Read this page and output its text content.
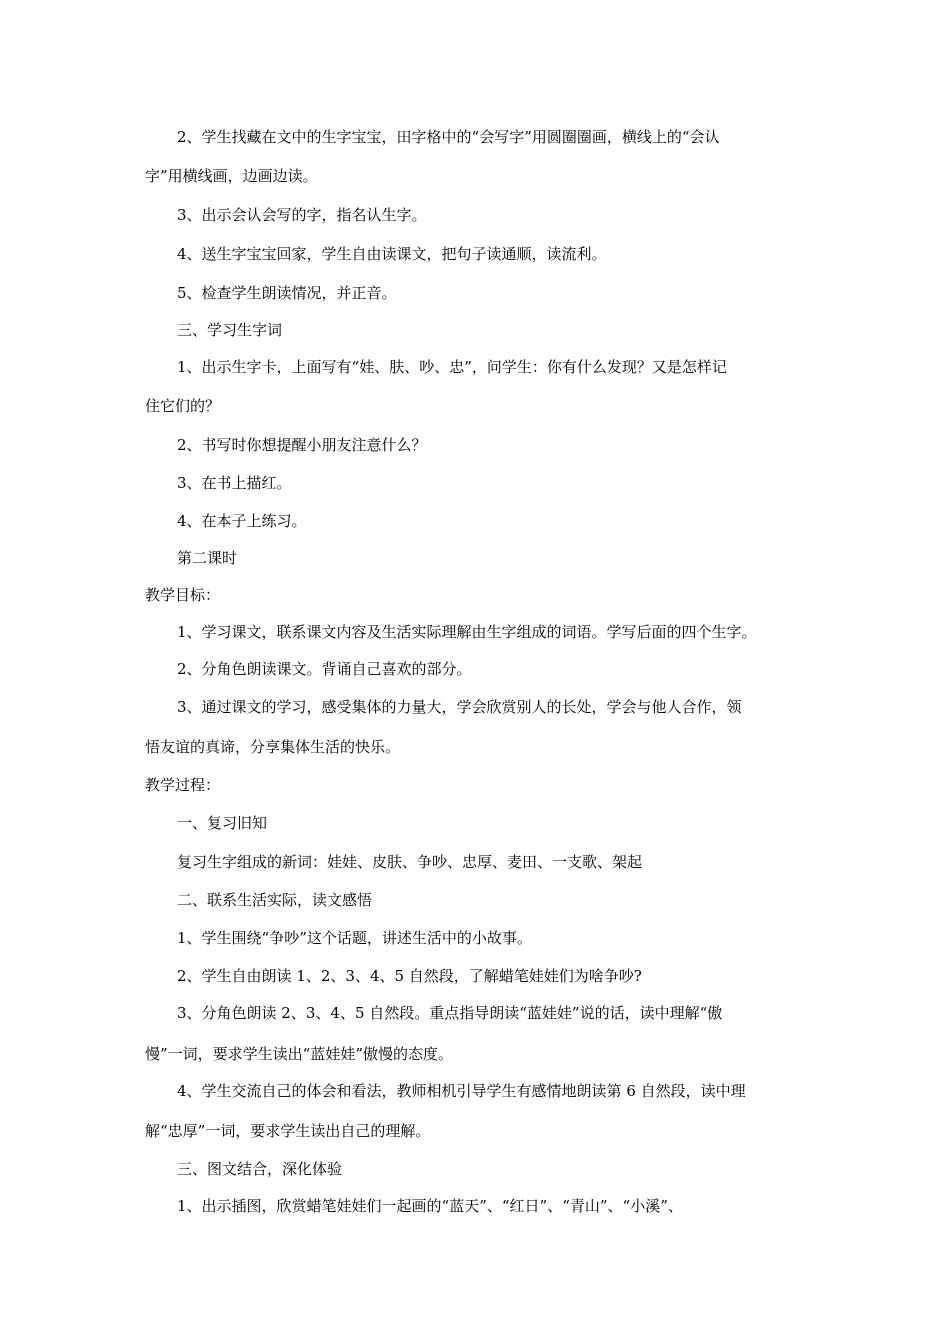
2、学生找藏在文中的生字宝宝，田字格中的“会写字”用圆圈圈画，横线上的“会认
字”用横线画，边画边读。
3、出示会认会写的字，指名认生字。
4、送生字宝宝回家，学生自由读课文，把句子读通顺，读流利。
5、检查学生朗读情况，并正音。
三、学习生字词
1、出示生字卡，上面写有“娃、肤、吵、忠”，问学生：你有什么发现？又是怎样记
住它们的？
2、书写时你想提醒小朋友注意什么？
3、在书上描红。
4、在本子上练习。
第二课时
教学目标：
1、学习课文，联系课文内容及生活实际理解由生字组成的词语。学写后面的四个生字。
2、分角色朗读课文。背诵自己喜欢的部分。
3、通过课文的学习，感受集体的力量大，学会欣赏别人的长处，学会与他人合作，领
悟友谊的真谛，分享集体生活的快乐。
教学过程：
一、复习旧知
复习生字组成的新词：娃娃、皮肤、争吵、忠厚、麦田、一支歌、架起
二、联系生活实际，读文感悟
1、学生围绕“争吵”这个话题，讲述生活中的小故事。
2、学生自由朗读 1、2、3、4、5 自然段，了解蜡笔娃娃们为啥争吵?
3、分角色朗读 2、3、4、5 自然段。重点指导朗读“蓝娃娃”说的话，读中理解“傲
慢”一词，要求学生读出“蓝娃娃”傲慢的态度。
4、学生交流自己的体会和看法，教师相机引导学生有感情地朗读第 6 自然段，读中理
解“忠厚”一词，要求学生读出自己的理解。
三、图文结合，深化体验
1、出示插图，欣赏蜡笔娃娃们一起画的“蓝天”、“红日”、“青山”、“小溪”、
